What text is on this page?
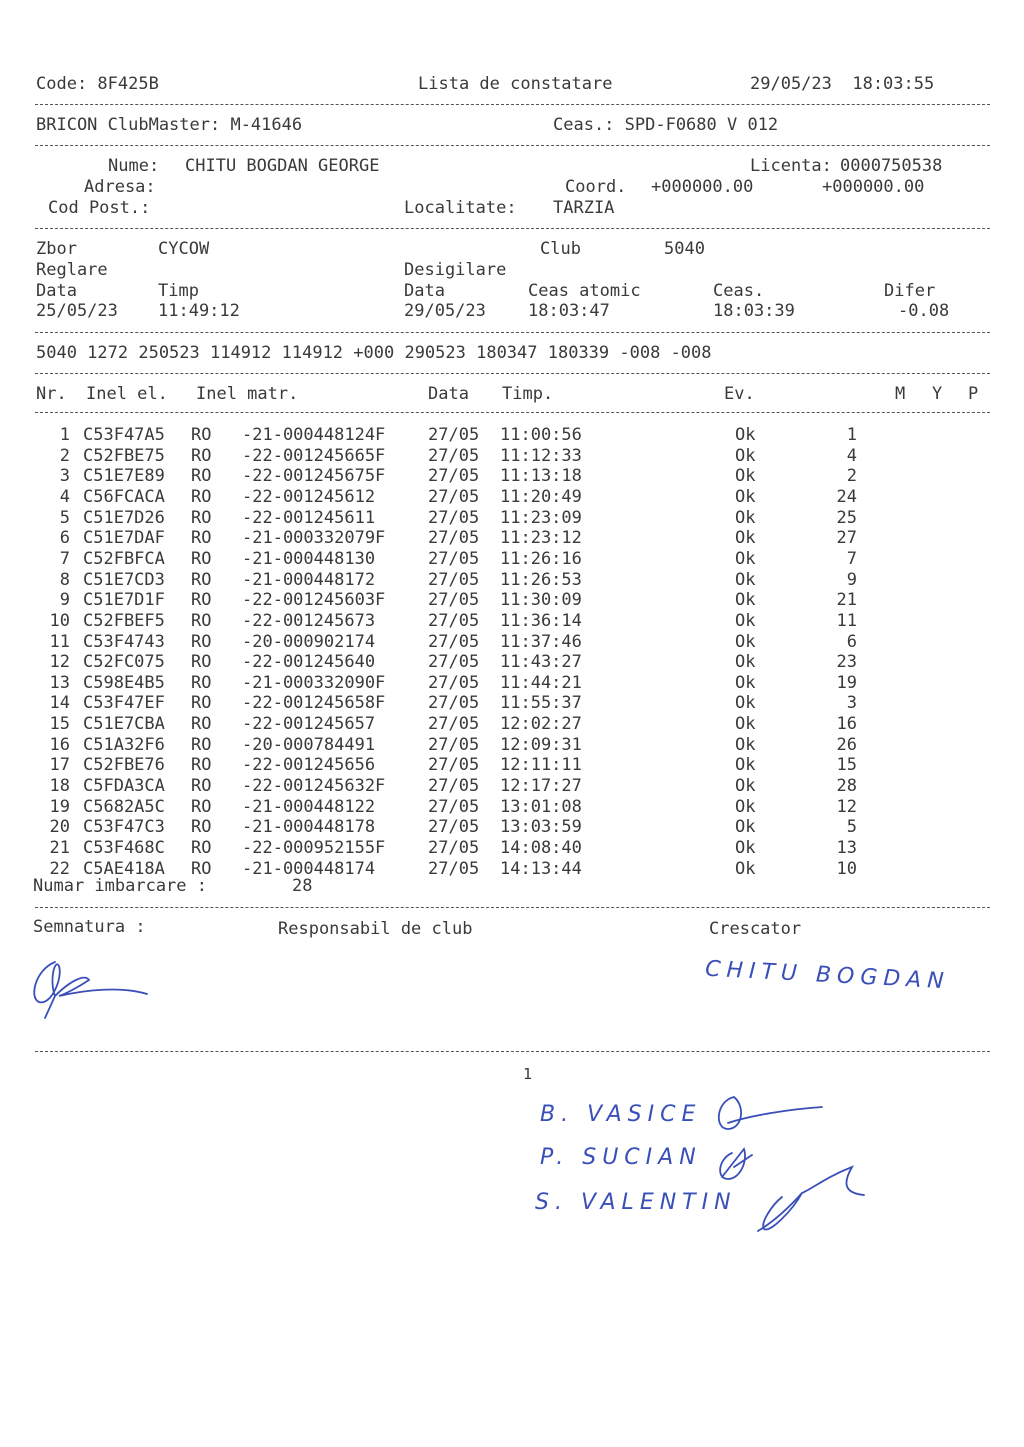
Code: 8F425B	Lista de constatare	29/05/23  18:03:55
BRICON ClubMaster: M-41646	Ceas.: SPD-F0680 V 012
Nume: CHITU BOGDAN GEORGE	Licenta: 0000750538
Adresa:	Coord. +000000.00	+000000.00
Cod Post.:	Localitate: TARZIA
Zbor	CYCOW	Club	5040
Reglare	Desigilare
Data	Timp	Data	Ceas atomic	Ceas.	Difer
25/05/23 11:49:12	29/05/23 18:03:47	18:03:39	-0.08
5040 1272 250523 114912 114912 +000 290523 180347 180339 -008 -008
Nr. Inel el. Inel matr.	Data Timp.	Ev.	M Y P
1 C53F47A5 RO -21-000448124F	27/05 11:00:56	Ok	1
2 C52FBE75 RO -22-001245665F	27/05 11:12:33	Ok	4
3 C51E7E89 RO -22-001245675F	27/05 11:13:18	Ok	2
4 C56FCACA RO -22-001245612	27/05 11:20:49	Ok	24
5 C51E7D26 RO -22-001245611	27/05 11:23:09	Ok	25
6 C51E7DAF RO -21-000332079F	27/05 11:23:12	Ok	27
7 C52FBFCA RO -21-000448130	27/05 11:26:16	Ok	7
8 C51E7CD3 RO -21-000448172	27/05 11:26:53	Ok	9
9 C51E7D1F RO -22-001245603F	27/05 11:30:09	Ok	21
10 C52FBEF5 RO -22-001245673	27/05 11:36:14	Ok	11
11 C53F4743 RO -20-000902174	27/05 11:37:46	Ok	6
12 C52FC075 RO -22-001245640	27/05 11:43:27	Ok	23
13 C598E4B5 RO -21-000332090F	27/05 11:44:21	Ok	19
14 C53F47EF RO -22-001245658F	27/05 11:55:37	Ok	3
15 C51E7CBA RO -22-001245657	27/05 12:02:27	Ok	16
16 C51A32F6 RO -20-000784491	27/05 12:09:31	Ok	26
17 C52FBE76 RO -22-001245656	27/05 12:11:11	Ok	15
18 C5FDA3CA RO -22-001245632F	27/05 12:17:27	Ok	28
19 C5682A5C RO -21-000448122	27/05 13:01:08	Ok	12
20 C53F47C3 RO -21-000448178	27/05 13:03:59	Ok	5
21 C53F468C RO -22-000952155F	27/05 14:08:40	Ok	13
22 C5AE418A RO -21-000448174	27/05 14:13:44	Ok	10
Numar imbarcare :	28
Semnatura :	Responsabil de club	Crescator
CHITU BOGDAN
1
B. VASICE
P. SUCIAN
S. VALENTIN
